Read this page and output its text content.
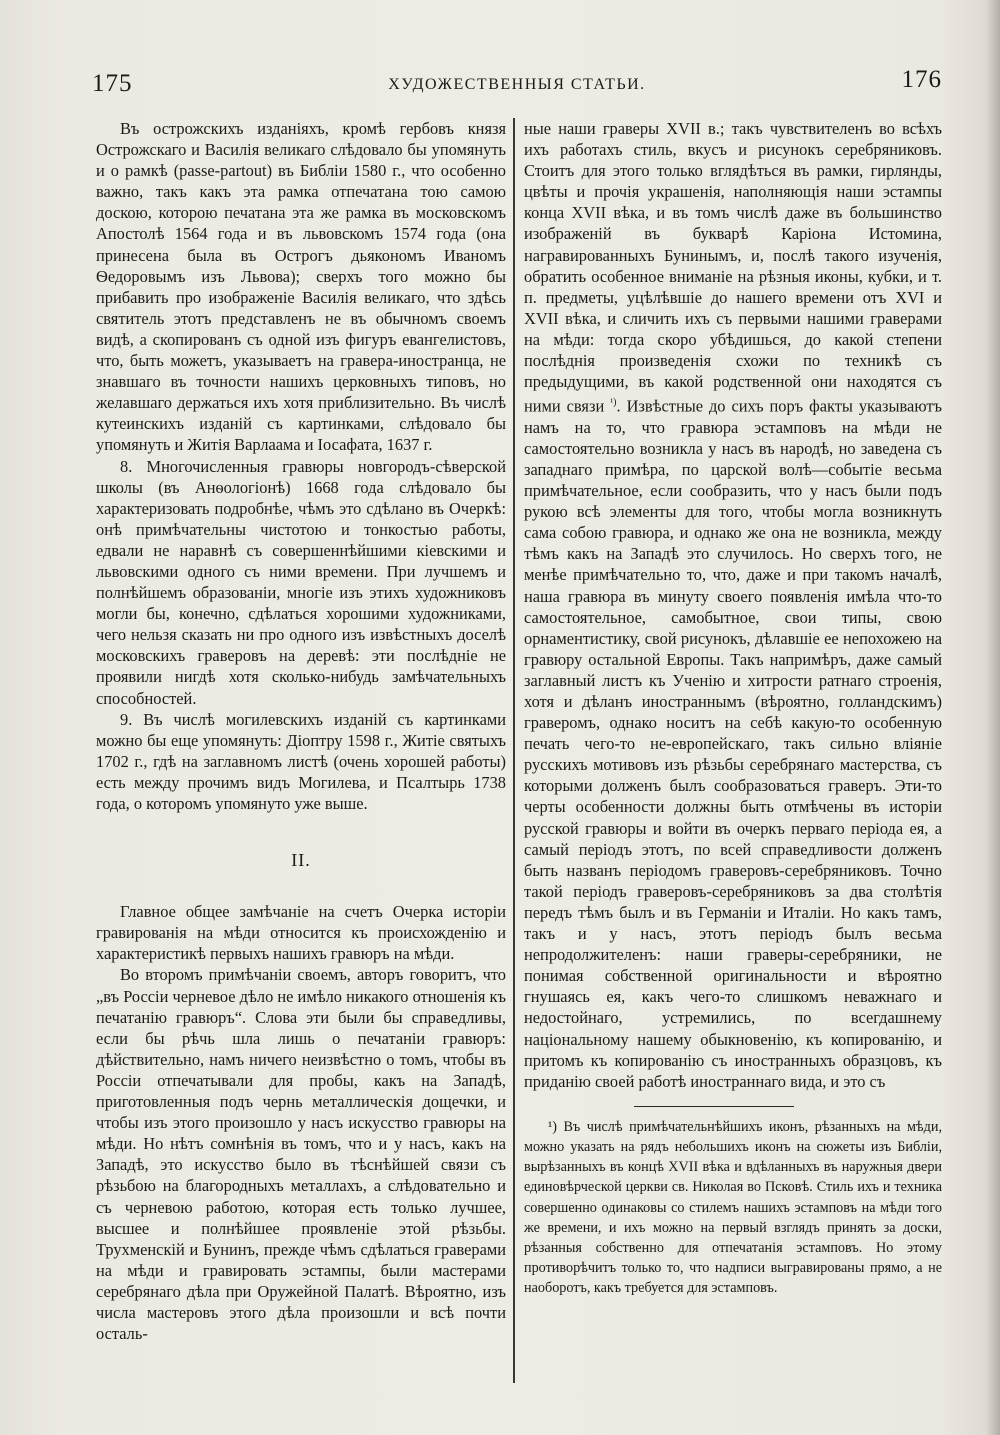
175	ХУДОЖЕСТВЕННЫЯ СТАТЬИ.	176

Въ острожскихъ изданіяхъ, кромѣ гербовъ князя Острожскаго и Василія великаго слѣдовало бы упомянуть и о рамкѣ (passe-partout) въ Библіи 1580 г., что особенно важно, такъ какъ эта рамка отпечатана тою самою доскою, которою печатана эта же рамка въ московскомъ Апостолѣ 1564 года и въ львовскомъ 1574 года (она принесена была въ Острогъ дьякономъ Иваномъ Ѳедоровымъ изъ Львова); сверхъ того можно бы прибавить про изображеніе Василія великаго, что здѣсь святитель этотъ представленъ не въ обычномъ своемъ видѣ, а скопированъ съ одной изъ фигуръ евангелистовъ, что, быть можетъ, указываетъ на гравера-иностранца, не знавшаго въ точности нашихъ церковныхъ типовъ, но желавшаго держаться ихъ хотя приблизительно. Въ числѣ кутеинскихъ изданій съ картинками, слѣдовало бы упомянуть и Житія Варлаама и Іосафата, 1637 г.

8. Многочисленныя гравюры новгородъ-сѣверской школы (въ Анѳологіонѣ) 1668 года слѣдовало бы характеризовать подробнѣе, чѣмъ это сдѣлано въ Очеркѣ: онѣ примѣчательны чистотою и тонкостью работы, едвали не наравнѣ съ совершеннѣйшими кіевскими и львовскими одного съ ними времени. При лучшемъ и полнѣйшемъ образованіи, многіе изъ этихъ художниковъ могли бы, конечно, сдѣлаться хорошими художниками, чего нельзя сказать ни про одного изъ извѣстныхъ доселѣ московскихъ граверовъ на деревѣ: эти послѣдніе не проявили нигдѣ хотя сколько-нибудь замѣчательныхъ способностей.

9. Въ числѣ могилевскихъ изданій съ картинками можно бы еще упомянуть: Діоптру 1598 г., Житіе святыхъ 1702 г., гдѣ на заглавномъ листѣ (очень хорошей работы) есть между прочимъ видъ Могилева, и Псалтырь 1738 года, о которомъ упомянуто уже выше.

II.

Главное общее замѣчаніе на счетъ Очерка исторіи гравированія на мѣди относится къ происхожденію и характеристикѣ первыхъ нашихъ гравюръ на мѣди.

Во второмъ примѣчаніи своемъ, авторъ говоритъ, что „въ Россіи черневое дѣло не имѣло никакого отношенія къ печатанію гравюръ“. Слова эти были бы справедливы, если бы рѣчь шла лишь о печатаніи гравюръ: дѣйствительно, намъ ничего неизвѣстно о томъ, чтобы въ Россіи отпечатывали для пробы, какъ на Западѣ, приготовленныя подъ чернь металлическія дощечки, и чтобы изъ этого произошло у насъ искусство гравюры на мѣди. Но нѣтъ сомнѣнія въ томъ, что и у насъ, какъ на Западѣ, это искусство было въ тѣснѣйшей связи съ рѣзьбою на благородныхъ металлахъ, а слѣдовательно и съ черневою работою, которая есть только лучшее, высшее и полнѣйшее проявленіе этой рѣзьбы. Трухменскій и Бунинъ, прежде чѣмъ сдѣлаться граверами на мѣди и гравировать эстампы, были мастерами серебрянаго дѣла при Оружейной Палатѣ. Вѣроятно, изъ числа мастеровъ этого дѣла произошли и всѣ почти осталь-

ные наши граверы XVII в.; такъ чувствителенъ во всѣхъ ихъ работахъ стиль, вкусъ и рисунокъ серебряниковъ. Стоитъ для этого только вглядѣться въ рамки, гирлянды, цвѣты и прочія украшенія, наполняющія наши эстампы конца XVII вѣка, и въ томъ числѣ даже въ большинство изображеній въ букварѣ Каріона Истомина, награвированныхъ Бунинымъ, и, послѣ такого изученія, обратить особенное вниманіе на рѣзныя иконы, кубки, и т. п. предметы, уцѣлѣвшіе до нашего времени отъ XVI и XVII вѣка, и сличить ихъ съ первыми нашими граверами на мѣди: тогда скоро убѣдишься, до какой степени послѣднія произведенія схожи по техникѣ съ предыдущими, въ какой родственной они находятся съ ними связи $^{^1)}$. Извѣстные до сихъ поръ факты указываютъ намъ на то, что гравюра эстамповъ на мѣди не самостоятельно возникла у насъ въ народѣ, но заведена съ западнаго примѣра, по царской волѣ—событіе весьма примѣчательное, если сообразить, что у насъ были подъ рукою всѣ элементы для того, чтобы могла возникнуть сама собою гравюра, и однако же она не возникла, между тѣмъ какъ на Западѣ это случилось. Но сверхъ того, не менѣе примѣчательно то, что, даже и при такомъ началѣ, наша гравюра въ минуту своего появленія имѣла что-то самостоятельное, самобытное, свои типы, свою орнаментистику, свой рисунокъ, дѣлавшіе ее непохожею на гравюру остальной Европы. Такъ напримѣръ, даже самый заглавный листъ къ Ученію и хитрости ратнаго строенія, хотя и дѣланъ иностраннымъ (вѣроятно, голландскимъ) граверомъ, однако носитъ на себѣ какую-то особенную печать чего-то не-европейскаго, такъ сильно вліяніе русскихъ мотивовъ изъ рѣзьбы серебрянаго мастерства, съ которыми долженъ былъ сообразоваться граверъ. Эти-то черты особенности должны быть отмѣчены въ исторіи русской гравюры и войти въ очеркъ перваго періода ея, а самый періодъ этотъ, по всей справедливости долженъ быть названъ періодомъ граверовъ-серебряниковъ. Точно такой періодъ граверовъ-серебряниковъ за два столѣтія передъ тѣмъ былъ и въ Германіи и Италіи. Но какъ тамъ, такъ и у насъ, этотъ періодъ былъ весьма непродолжителенъ: наши граверы-серебряники, не понимая собственной оригинальности и вѣроятно гнушаясь ея, какъ чего-то слишкомъ неважнаго и недостойнаго, устремились, по всегдашнему національному нашему обыкновенію, къ копированію, и притомъ къ копированію съ иностранныхъ образцовъ, къ приданію своей работѣ иностраннаго вида, и это съ

¹) Въ числѣ примѣчательнѣйшихъ иконъ, рѣзанныхъ на мѣди, можно указать на рядъ небольшихъ иконъ на сюжеты изъ Библіи, вырѣзанныхъ въ концѣ XVII вѣка и вдѣланныхъ въ наружныя двери единовѣрческой церкви св. Николая во Псковѣ. Стиль ихъ и техника совершенно одинаковы со стилемъ нашихъ эстамповъ на мѣди того же времени, и ихъ можно на первый взглядъ принять за доски, рѣзанныя собственно для отпечатанія эстамповъ. Но этому противорѣчитъ только то, что надписи выгравированы прямо, а не наоборотъ, какъ требуется для эстамповъ.
